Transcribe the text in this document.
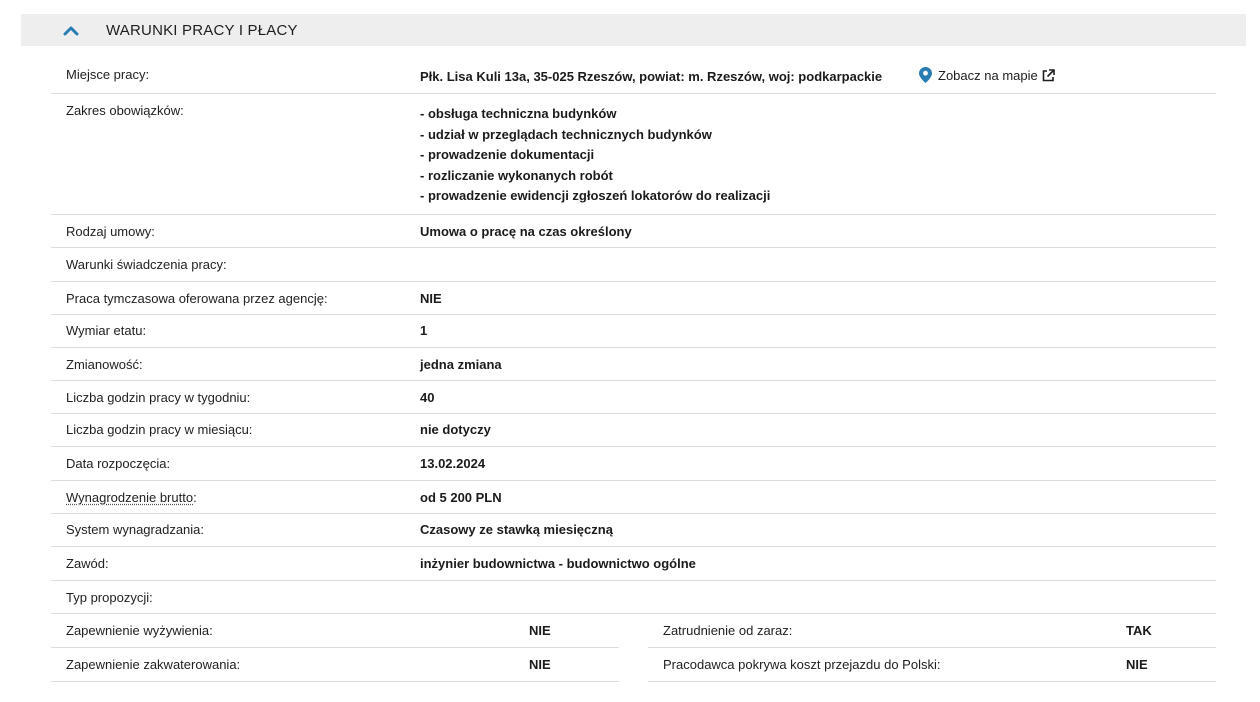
WARUNKI PRACY I PŁACY
Miejsce pracy:	Płk. Lisa Kuli 13a, 35-025 Rzeszów, powiat: m. Rzeszów, woj: podkarpackie	Zobacz na mapie
Zakres obowiązków:	- obsługa techniczna budynków
- udział w przeglądach technicznych budynków
- prowadzenie dokumentacji
- rozliczanie wykonanych robót
- prowadzenie ewidencji zgłoszeń lokatorów do realizacji
Rodzaj umowy:	Umowa o pracę na czas określony
Warunki świadczenia pracy:
Praca tymczasowa oferowana przez agencję:	NIE
Wymiar etatu:	1
Zmianowość:	jedna zmiana
Liczba godzin pracy w tygodniu:	40
Liczba godzin pracy w miesiącu:	nie dotyczy
Data rozpoczęcia:	13.02.2024
Wynagrodzenie brutto:	od 5 200 PLN
System wynagradzania:	Czasowy ze stawką miesięczną
Zawód:	inżynier budownictwa - budownictwo ogólne
Typ propozycji:
Zapewnienie wyżywienia:	NIE	Zatrudnienie od zaraz:	TAK
Zapewnienie zakwaterowania:	NIE	Pracodawca pokrywa koszt przejazdu do Polski:	NIE
